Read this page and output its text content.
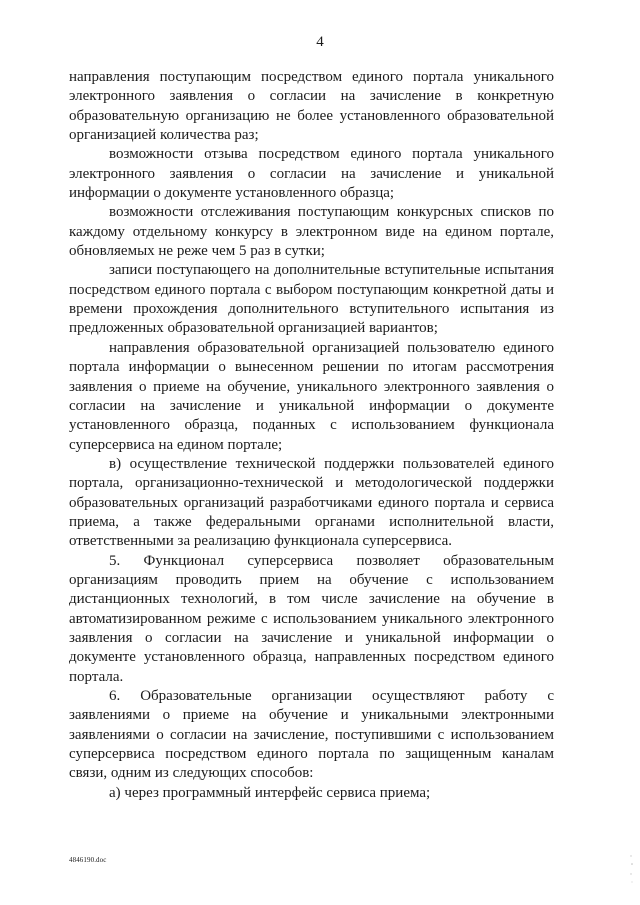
4

направления поступающим посредством единого портала уникального электронного заявления о согласии на зачисление в конкретную образовательную организацию не более установленного образовательной организацией количества раз;

возможности отзыва посредством единого портала уникального электронного заявления о согласии на зачисление и уникальной информации о документе установленного образца;

возможности отслеживания поступающим конкурсных списков по каждому отдельному конкурсу в электронном виде на едином портале, обновляемых не реже чем 5 раз в сутки;

записи поступающего на дополнительные вступительные испытания посредством единого портала с выбором поступающим конкретной даты и времени прохождения дополнительного вступительного испытания из предложенных образовательной организацией вариантов;

направления образовательной организацией пользователю единого портала информации о вынесенном решении по итогам рассмотрения заявления о приеме на обучение, уникального электронного заявления о согласии на зачисление и уникальной информации о документе установленного образца, поданных с использованием функционала суперсервиса на едином портале;

в) осуществление технической поддержки пользователей единого портала, организационно-технической и методологической поддержки образовательных организаций разработчиками единого портала и сервиса приема, а также федеральными органами исполнительной власти, ответственными за реализацию функционала суперсервиса.

5. Функционал суперсервиса позволяет образовательным организациям проводить прием на обучение с использованием дистанционных технологий, в том числе зачисление на обучение в автоматизированном режиме с использованием уникального электронного заявления о согласии на зачисление и уникальной информации о документе установленного образца, направленных посредством единого портала.

6. Образовательные организации осуществляют работу с заявлениями о приеме на обучение и уникальными электронными заявлениями о согласии на зачисление, поступившими с использованием суперсервиса посредством единого портала по защищенным каналам связи, одним из следующих способов:

а) через программный интерфейс сервиса приема;

4846190.doc
